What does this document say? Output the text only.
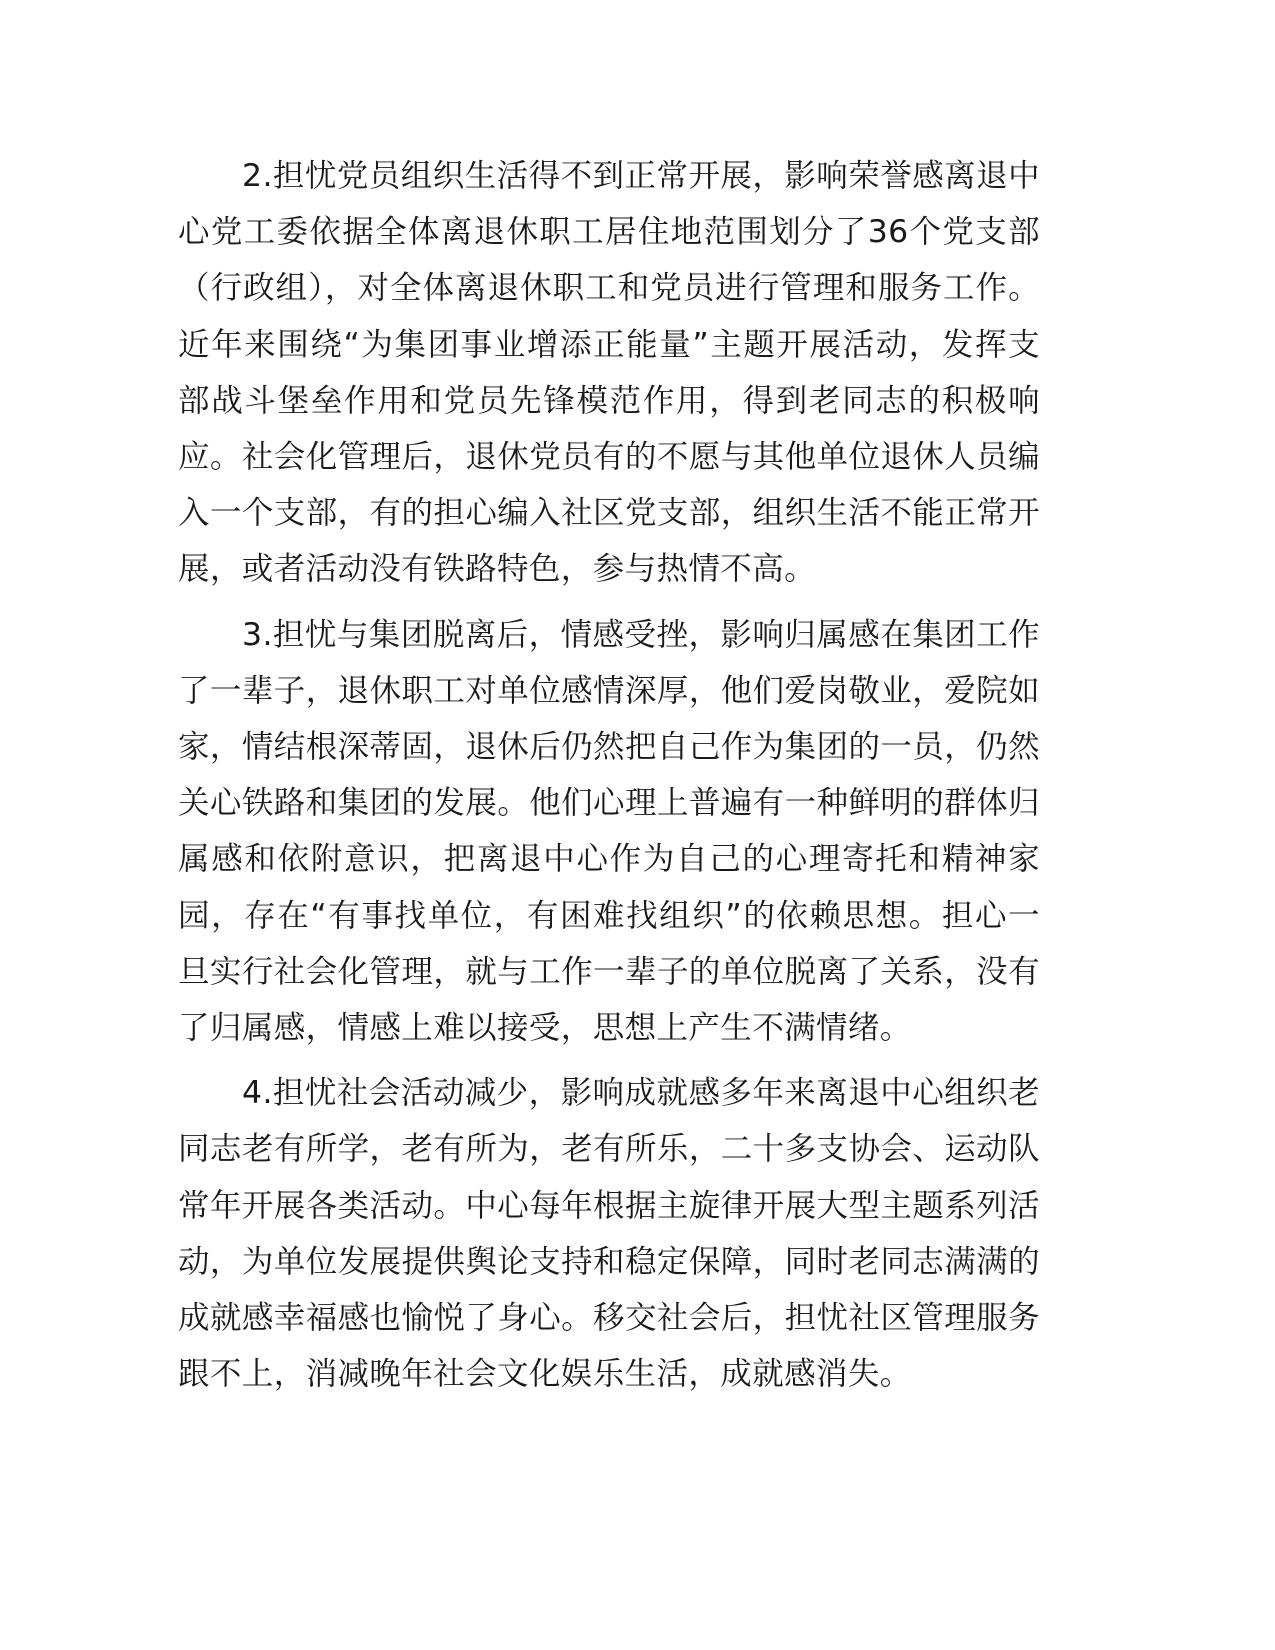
2.担忧党员组织生活得不到正常开展，影响荣誉感离退中心党工委依据全体离退休职工居住地范围划分了36个党支部（行政组），对全体离退休职工和党员进行管理和服务工作。近年来围绕“为集团事业增添正能量”主题开展活动，发挥支部战斗堡垒作用和党员先锋模范作用，得到老同志的积极响应。社会化管理后，退休党员有的不愿与其他单位退休人员编入一个支部，有的担心编入社区党支部，组织生活不能正常开展，或者活动没有铁路特色，参与热情不高。

3.担忧与集团脱离后，情感受挫，影响归属感在集团工作了一辈子，退休职工对单位感情深厚，他们爱岗敬业，爱院如家，情结根深蒂固，退休后仍然把自己作为集团的一员，仍然关心铁路和集团的发展。他们心理上普遍有一种鲜明的群体归属感和依附意识，把离退中心作为自己的心理寄托和精神家园，存在“有事找单位，有困难找组织”的依赖思想。担心一旦实行社会化管理，就与工作一辈子的单位脱离了关系，没有了归属感，情感上难以接受，思想上产生不满情绪。

4.担忧社会活动减少，影响成就感多年来离退中心组织老同志老有所学，老有所为，老有所乐，二十多支协会、运动队常年开展各类活动。中心每年根据主旋律开展大型主题系列活动，为单位发展提供舆论支持和稳定保障，同时老同志满满的成就感幸福感也愉悦了身心。移交社会后，担忧社区管理服务跟不上，消减晚年社会文化娱乐生活，成就感消失。
